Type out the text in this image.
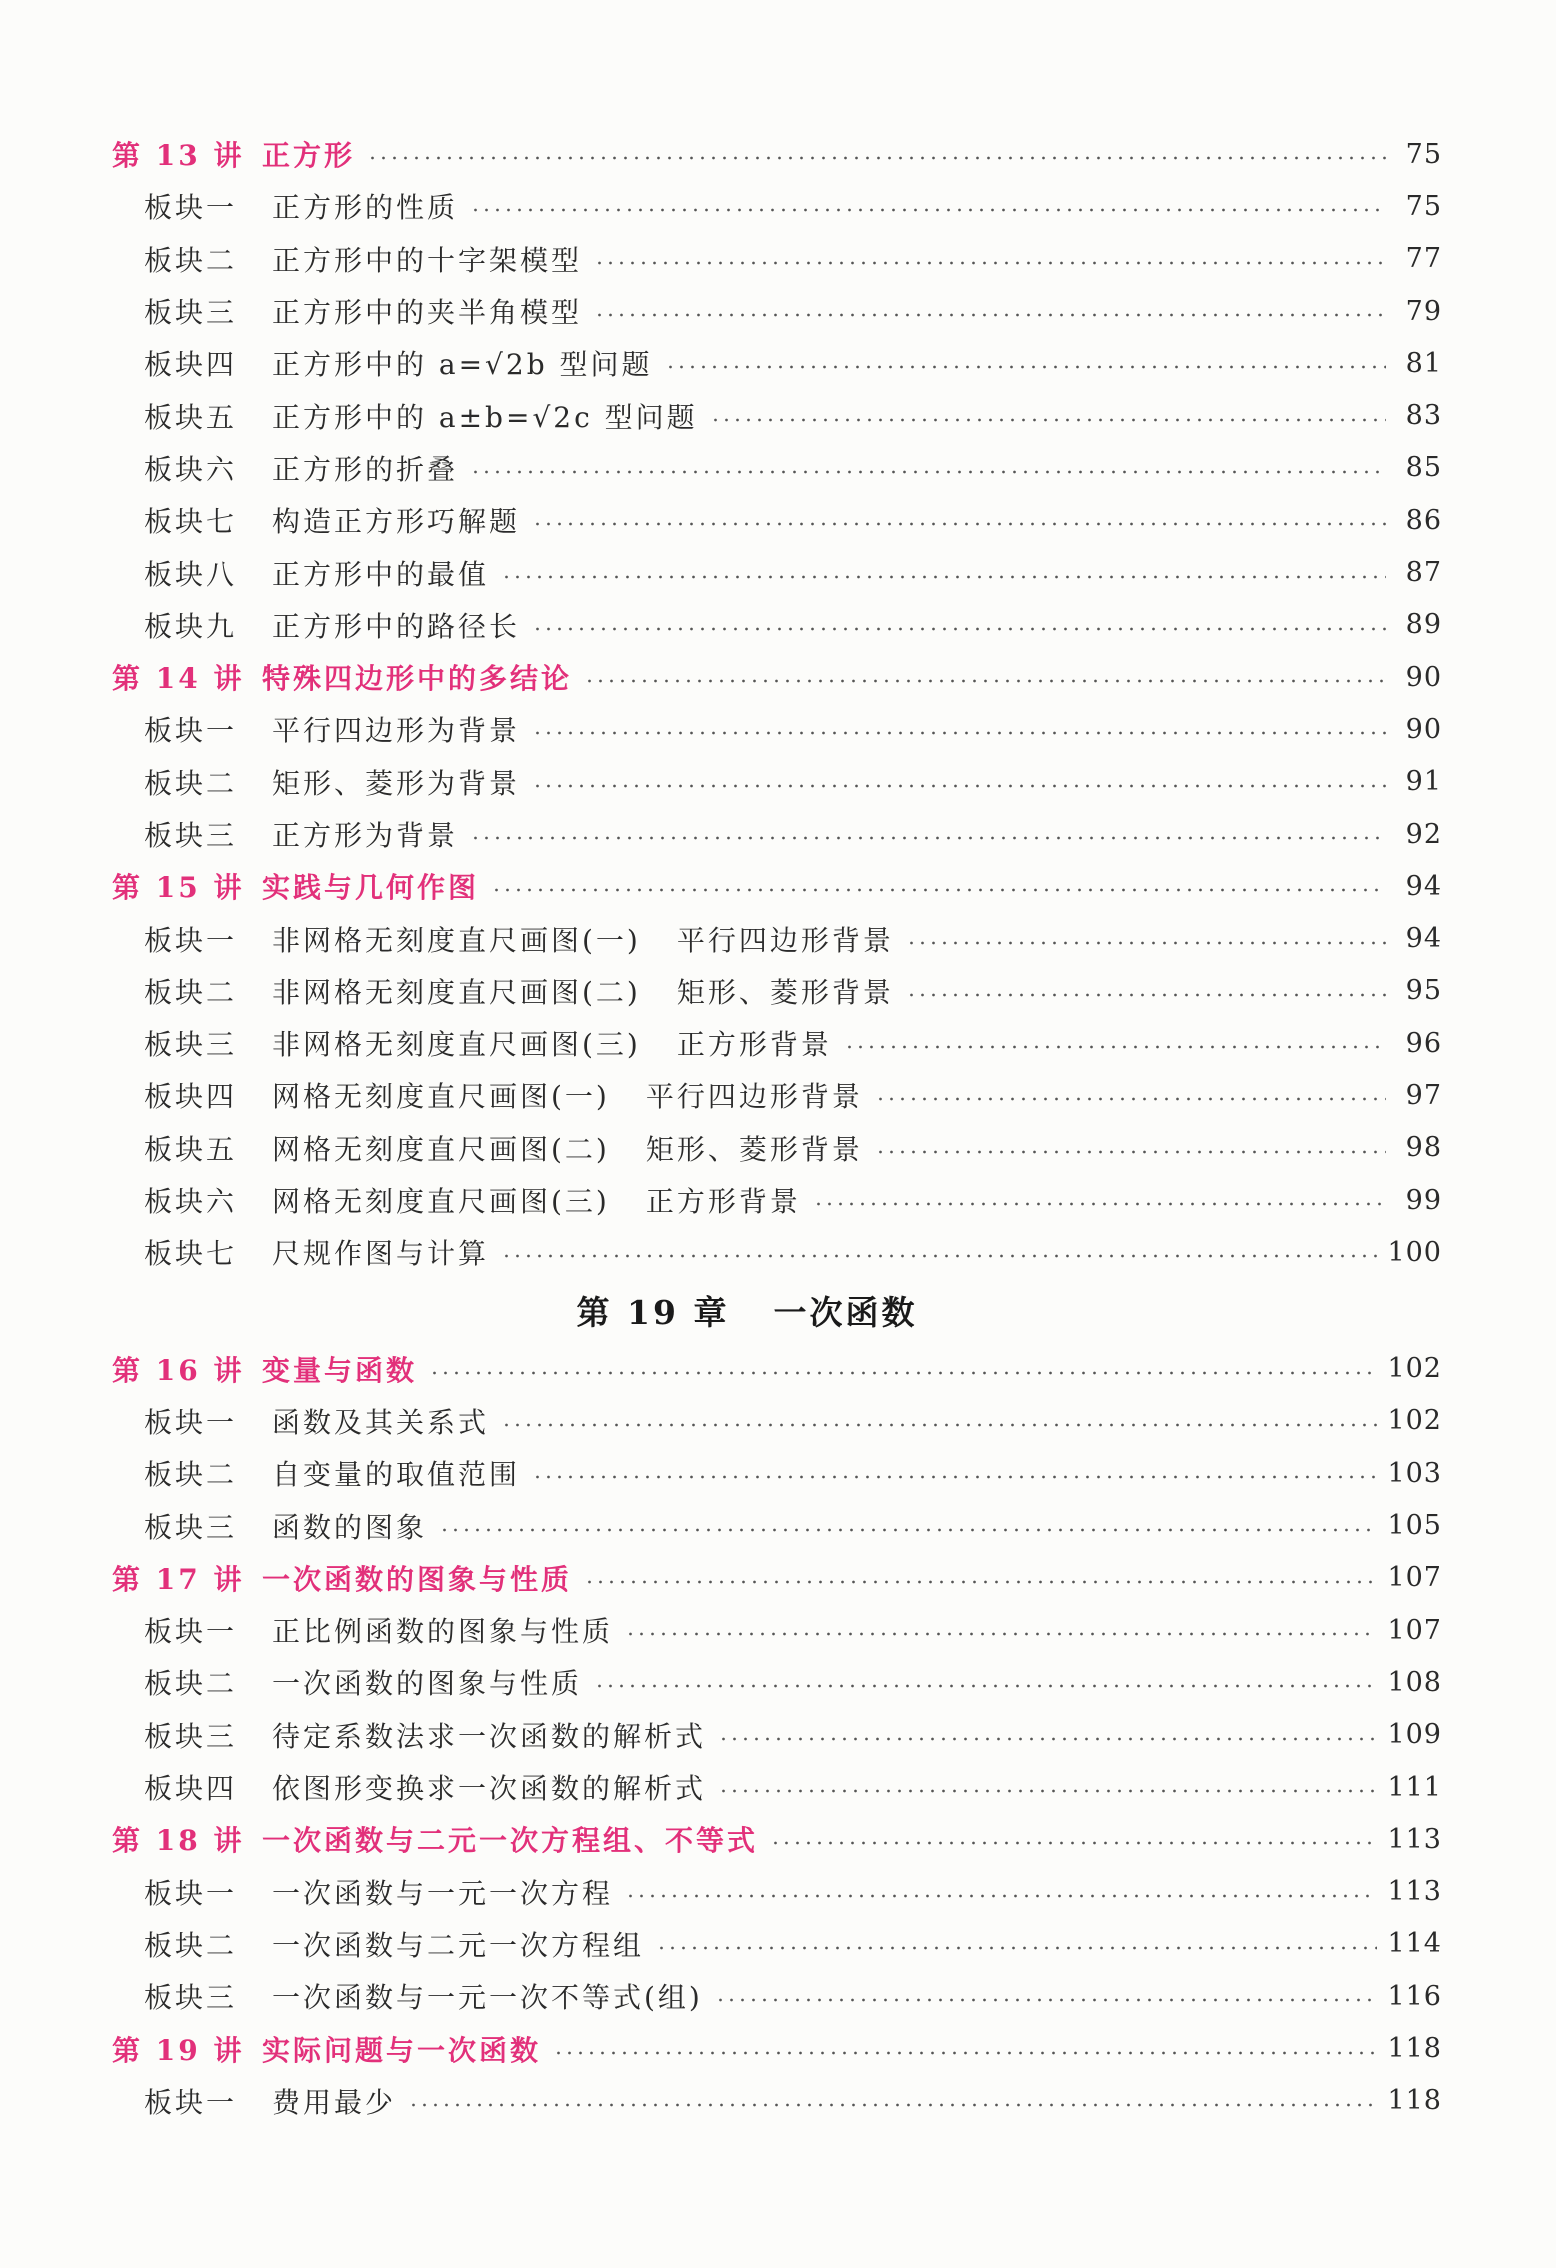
第 13 讲 正方形	75
板块一	正方形的性质	75
板块二	正方形中的十字架模型	77
板块三	正方形中的夹半角模型	79
板块四	正方形中的 a=√2b 型问题	81
板块五	正方形中的 a±b=√2c 型问题	83
板块六	正方形的折叠	85
板块七	构造正方形巧解题	86
板块八	正方形中的最值	87
板块九	正方形中的路径长	89
第 14 讲 特殊四边形中的多结论	90
板块一	平行四边形为背景	90
板块二	矩形、菱形为背景	91
板块三	正方形为背景	92
第 15 讲 实践与几何作图	94
板块一	非网格无刻度直尺画图(一) 平行四边形背景	94
板块二	非网格无刻度直尺画图(二) 矩形、菱形背景	95
板块三	非网格无刻度直尺画图(三) 正方形背景	96
板块四	网格无刻度直尺画图(一) 平行四边形背景	97
板块五	网格无刻度直尺画图(二) 矩形、菱形背景	98
板块六	网格无刻度直尺画图(三) 正方形背景	99
板块七	尺规作图与计算	100
第 19 章 一次函数
第 16 讲 变量与函数	102
板块一	函数及其关系式	102
板块二	自变量的取值范围	103
板块三	函数的图象	105
第 17 讲 一次函数的图象与性质	107
板块一	正比例函数的图象与性质	107
板块二	一次函数的图象与性质	108
板块三	待定系数法求一次函数的解析式	109
板块四	依图形变换求一次函数的解析式	111
第 18 讲 一次函数与二元一次方程组、不等式	113
板块一	一次函数与一元一次方程	113
板块二	一次函数与二元一次方程组	114
板块三	一次函数与一元一次不等式(组)	116
第 19 讲 实际问题与一次函数	118
板块一	费用最少	118
